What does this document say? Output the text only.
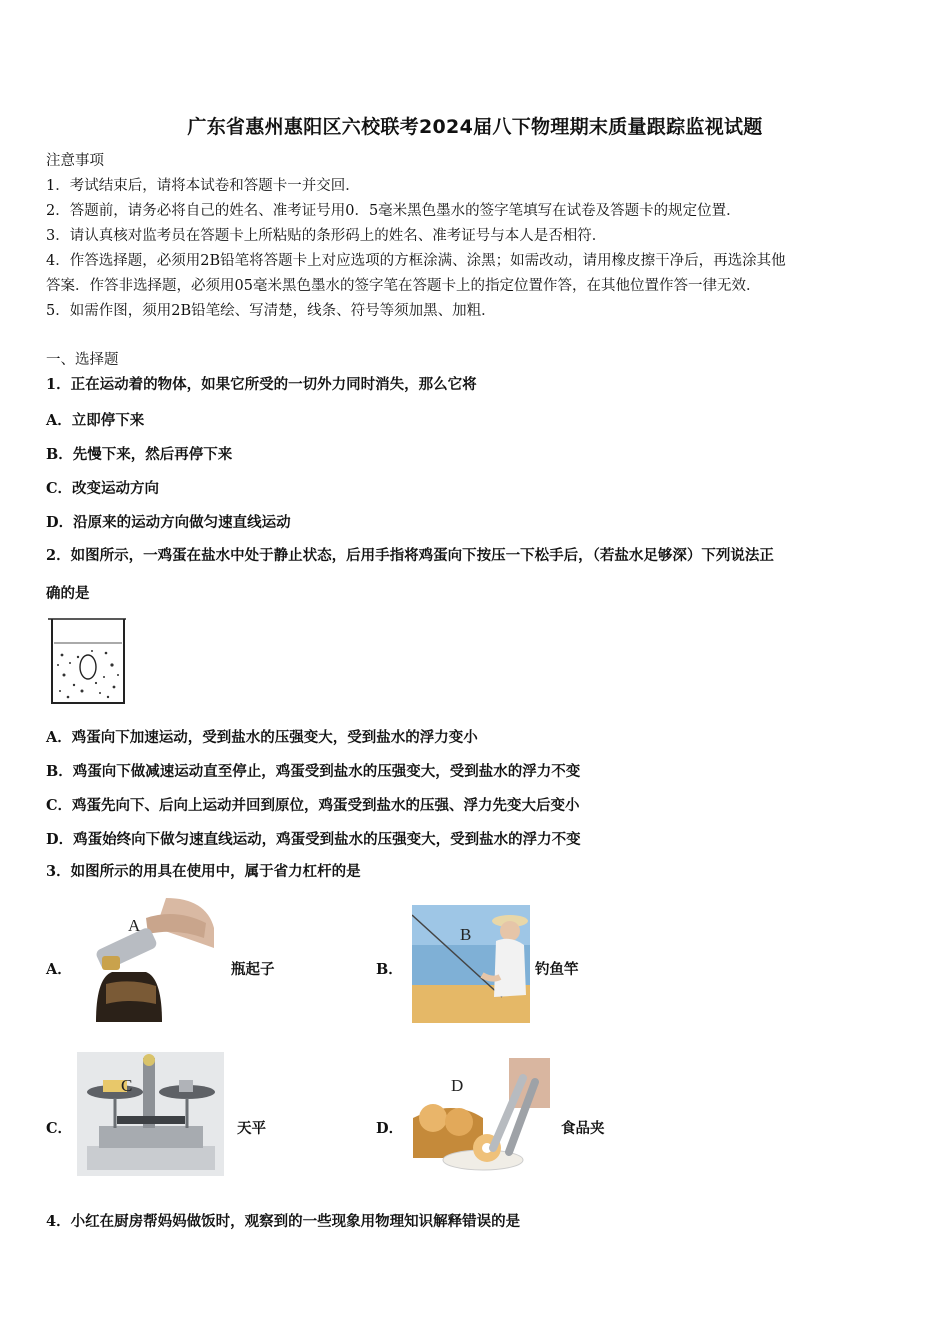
广东省惠州惠阳区六校联考2024届八下物理期末质量跟踪监视试题
注意事项
1．考试结束后，请将本试卷和答题卡一并交回．
2．答题前，请务必将自己的姓名、准考证号用0．5毫米黑色墨水的签字笔填写在试卷及答题卡的规定位置．
3．请认真核对监考员在答题卡上所粘贴的条形码上的姓名、准考证号与本人是否相符．
4．作答选择题，必须用2B铅笔将答题卡上对应选项的方框涂满、涂黑；如需改动，请用橡皮擦干净后，再选涂其他
答案．作答非选择题，必须用05毫米黑色墨水的签字笔在答题卡上的指定位置作答，在其他位置作答一律无效．
5．如需作图，须用2B铅笔绘、写清楚，线条、符号等须加黑、加粗．
一、选择题
1．正在运动着的物体，如果它所受的一切外力同时消失，那么它将
A．立即停下来
B．先慢下来，然后再停下来
C．改变运动方向
D．沿原来的运动方向做匀速直线运动
2．如图所示，一鸡蛋在盐水中处于静止状态，后用手指将鸡蛋向下按压一下松手后，（若盐水足够深）下列说法正
确的是
A．鸡蛋向下加速运动，受到盐水的压强变大，受到盐水的浮力变小
B．鸡蛋向下做减速运动直至停止，鸡蛋受到盐水的压强变大，受到盐水的浮力不变
C．鸡蛋先向下、后向上运动并回到原位，鸡蛋受到盐水的压强、浮力先变大后变小
D．鸡蛋始终向下做匀速直线运动，鸡蛋受到盐水的压强变大，受到盐水的浮力不变
3．如图所示的用具在使用中，属于省力杠杆的是
A．
A
瓶起子	B．
B
钓鱼竿
C．
C
天平	D．
D
食品夹
4．小红在厨房帮妈妈做饭时，观察到的一些现象用物理知识解释错误的是
